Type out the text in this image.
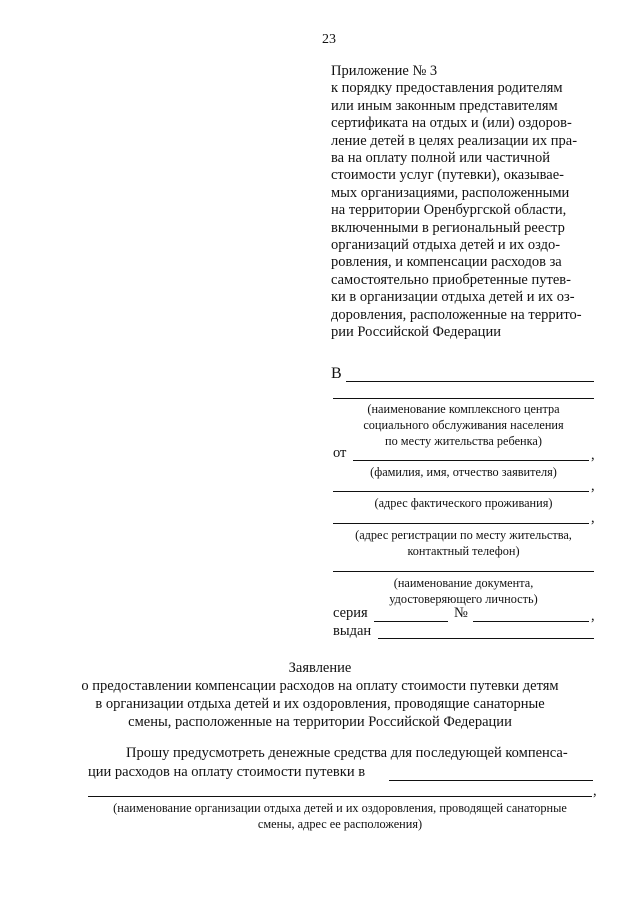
23
Приложение № 3
к порядку предоставления родителям
или иным законным представителям
сертификата на отдых и (или) оздоров-
ление детей в целях реализации их пра-
ва на оплату полной или частичной
стоимости услуг (путевки), оказывае-
мых организациями, расположенными
на территории Оренбургской области,
включенными в региональный реестр
организаций отдыха детей и их оздо-
ровления, и компенсации расходов за
самостоятельно приобретенные путев-
ки в организации отдыха детей и их оз-
доровления, расположенные на террито-
рии Российской Федерации
В
(наименование комплексного центра
социального обслуживания населения
по месту жительства ребенка)
от	,
(фамилия, имя, отчество заявителя)
,
(адрес фактического проживания)
,
(адрес регистрации по месту жительства,
контактный телефон)
(наименование документа,
удостоверяющего личность)
серия	№	,
выдан
Заявление
о предоставлении компенсации расходов на оплату стоимости путевки детям
в организации отдыха детей и их оздоровления, проводящие санаторные
смены, расположенные на территории Российской Федерации
Прошу предусмотреть денежные средства для последующей компенса-
ции расходов на оплату стоимости путевки в
,
(наименование организации отдыха детей и их оздоровления, проводящей санаторные
смены, адрес ее расположения)
